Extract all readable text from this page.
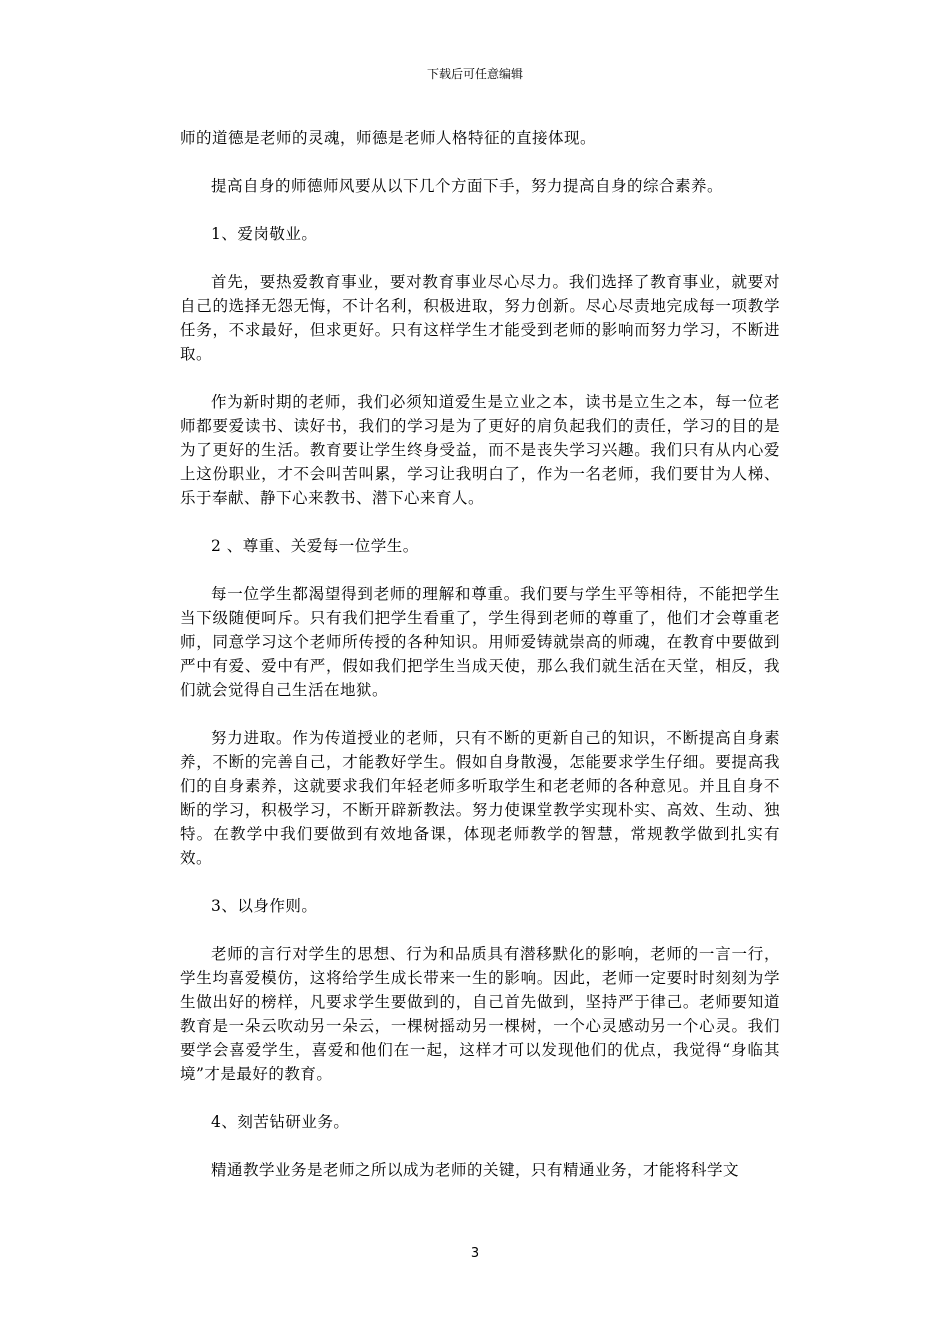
下载后可任意编辑

师的道德是老师的灵魂，师德是老师人格特征的直接体现。

提高自身的师德师风要从以下几个方面下手，努力提高自身的综合素养。

1、爱岗敬业。

首先，要热爱教育事业，要对教育事业尽心尽力。我们选择了教育事业，就要对自己的选择无怨无悔，不计名利，积极进取，努力创新。尽心尽责地完成每一项教学任务，不求最好，但求更好。只有这样学生才能受到老师的影响而努力学习，不断进取。

作为新时期的老师，我们必须知道爱生是立业之本，读书是立生之本，每一位老师都要爱读书、读好书，我们的学习是为了更好的肩负起我们的责任，学习的目的是为了更好的生活。教育要让学生终身受益，而不是丧失学习兴趣。我们只有从内心爱上这份职业，才不会叫苦叫累，学习让我明白了，作为一名老师，我们要甘为人梯、乐于奉献、静下心来教书、潜下心来育人。

2 、尊重、关爱每一位学生。

每一位学生都渴望得到老师的理解和尊重。我们要与学生平等相待，不能把学生当下级随便呵斥。只有我们把学生看重了，学生得到老师的尊重了，他们才会尊重老师，同意学习这个老师所传授的各种知识。用师爱铸就崇高的师魂，在教育中要做到严中有爱、爱中有严，假如我们把学生当成天使，那么我们就生活在天堂，相反，我们就会觉得自己生活在地狱。

努力进取。作为传道授业的老师，只有不断的更新自己的知识，不断提高自身素养，不断的完善自己，才能教好学生。假如自身散漫，怎能要求学生仔细。要提高我们的自身素养，这就要求我们年轻老师多听取学生和老老师的各种意见。并且自身不断的学习，积极学习，不断开辟新教法。努力使课堂教学实现朴实、高效、生动、独特。在教学中我们要做到有效地备课，体现老师教学的智慧，常规教学做到扎实有效。

3、以身作则。

老师的言行对学生的思想、行为和品质具有潜移默化的影响，老师的一言一行，学生均喜爱模仿，这将给学生成长带来一生的影响。因此，老师一定要时时刻刻为学生做出好的榜样，凡要求学生要做到的，自己首先做到，坚持严于律己。老师要知道教育是一朵云吹动另一朵云，一棵树摇动另一棵树，一个心灵感动另一个心灵。我们要学会喜爱学生，喜爱和他们在一起，这样才可以发现他们的优点，我觉得“身临其境”才是最好的教育。

4、刻苦钻研业务。

精通教学业务是老师之所以成为老师的关键，只有精通业务，才能将科学文

3
